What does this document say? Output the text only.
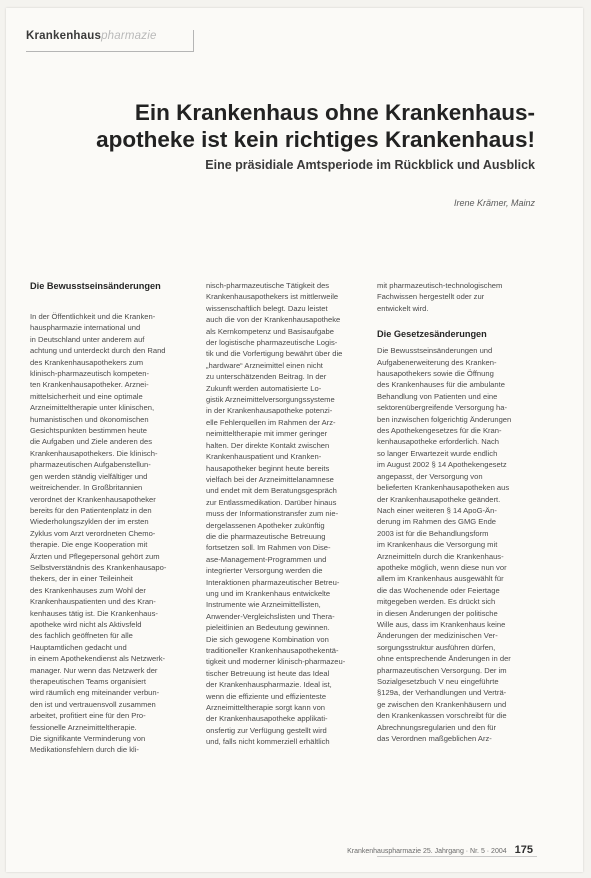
Krankenhauspharmazie
Ein Krankenhaus ohne Krankenhaus-
apotheke ist kein richtiges Krankenhaus!
Eine präsidiale Amtsperiode im Rückblick und Ausblick
Irene Krämer, Mainz
Die Bewusstseinsänderungen
In der Öffentlichkeit und die Kranken-
hauspharmazie international und
in Deutschland unter anderem auf
achtung und unterdeckt durch den Rand
des Krankenhausapothekers zum
klinisch-pharmazeutisch kompeten-
ten Krankenhausapotheker. Arznei-
mittelsicherheit und eine optimale
Arzneimitteltherapie unter klinischen,
humanistischen und ökonomischen
Gesichtspunkten bestimmen heute
die Aufgaben und Ziele anderen des
Krankenhausapothekers. Die klinisch-
pharmazeutischen Aufgabenstellun-
gen werden ständig vielfältiger und
weitreichender. In Großbritannien
verordnet der Krankenhausapotheker
bereits für den Patientenplatz in den
Wiederholungszyklen der im ersten
Zyklus vom Arzt verordneten Chemo-
therapie. Die enge Kooperation mit
Ärzten und Pflegepersonal gehört zum
Selbstverständnis des Krankenhausapo-
thekers, der in einer Teileinheit
des Krankenhauses zum Wohl der
Krankenhauspatienten und des Kran-
kenhauses tätig ist. Die Krankenhaus-
apotheke wird nicht als Aktivsfeld
des fachlich geöffneten für alle
Hauptamtlichen gedacht und
in einem Apothekendienst als Netzwerk-
manager. Nur wenn das Netzwerk der
therapeutischen Teams organisiert
wird räumlich eng miteinander verbun-
den ist und vertrauensvoll zusammen
arbeitet, profitiert eine für den Pro-
fessionelle Arzneimitteltherapie.
Die signifikante Verminderung von
Medikationsfehlern durch die kli-
nisch-pharmazeutische Tätigkeit des
Krankenhausapothekers ist mittlerweile
wissenschaftlich belegt. Dazu leistet
auch die von der Krankenhausapotheke
als Kernkompetenz und Basisaufgabe
der logistische pharmazeutische Logis-
tik und die Vorfertigung bewährt über die
„hardware“ Arzneimittel einen nicht
zu unterschätzenden Beitrag. In der
Zukunft werden automatisierte Lo-
gistik Arzneimittelversorgungssysteme
in der Krankenhausapotheke potenzi-
elle Fehlerquellen im Rahmen der Arz-
neimitteltherapie mit immer geringer
halten. Der direkte Kontakt zwischen
Krankenhauspatient und Kranken-
hausapotheker beginnt heute bereits
vielfach bei der Arzneimittelanamnese
und endet mit dem Beratungsgespräch
zur Entlassmedikation. Darüber hinaus
muss der Informationstransfer zum nie-
dergelassenen Apotheker zukünftig
die die pharmazeutische Betreuung
fortsetzen soll. Im Rahmen von Dise-
ase-Management-Programmen und
integrierter Versorgung werden die
Interaktionen pharmazeutischer Betreu-
ung und im Krankenhaus entwickelte
Instrumente wie Arzneimittellisten,
Anwender-Vergleichslisten und Thera-
pieleitlinien an Bedeutung gewinnen.
Die sich gewogene Kombination von
traditioneller Krankenhausapothekentä-
tigkeit und moderner klinisch-pharmazeu-
tischer Betreuung ist heute das Ideal
der Krankenhauspharmazie. Ideal ist,
wenn die effiziente und effizienteste
Arzneimitteltherapie sorgt kann von
der Krankenhausapotheke applikati-
onsfertig zur Verfügung gestellt wird
und, falls nicht kommerziell erhältlich
mit pharmazeutisch-technologischem
Fachwissen hergestellt oder zur
entwickelt wird.
Die Gesetzesänderungen
Die Bewusstseinsänderungen und
Aufgabenerweiterung des Kranken-
hausapothekers sowie die Öffnung
des Krankenhauses für die ambulante
Behandlung von Patienten und eine
sektorenübergreifende Versorgung ha-
ben inzwischen folgerichtig Änderungen
des Apothekengesetzes für die Kran-
kenhausapotheke erforderlich. Nach
so langer Erwartezeit wurde endlich
im August 2002 § 14 Apothekengesetz
angepasst, der Versorgung von
belieferten Krankenhausapotheken aus
der Krankenhausapotheke geändert.
Nach einer weiteren § 14 ApoG-Än-
derung im Rahmen des GMG Ende
2003 ist für die Behandlungsform
im Krankenhaus die Versorgung mit
Arzneimitteln durch die Krankenhaus-
apotheke möglich, wenn diese nun vor
allem im Krankenhaus ausgewählt für
die das Wochenende oder Feiertage
mitgegeben werden. Es drückt sich
in diesen Änderungen der politische
Wille aus, dass im Krankenhaus keine
Änderungen der medizinischen Ver-
sorgungsstruktur ausführen dürfen,
ohne entsprechende Änderungen in der
pharmazeutischen Versorgung. Der im
Sozialgesetzbuch V neu eingeführte
§129a, der Verhandlungen und Verträ-
ge zwischen den Krankenhäusern und
den Krankenkassen vorschreibt für die
Abrechnungsregularien und den für
das Verordnen maßgeblichen Arz-
Krankenhauspharmazie 25. Jahrgang · Nr. 5 · 2004 175
